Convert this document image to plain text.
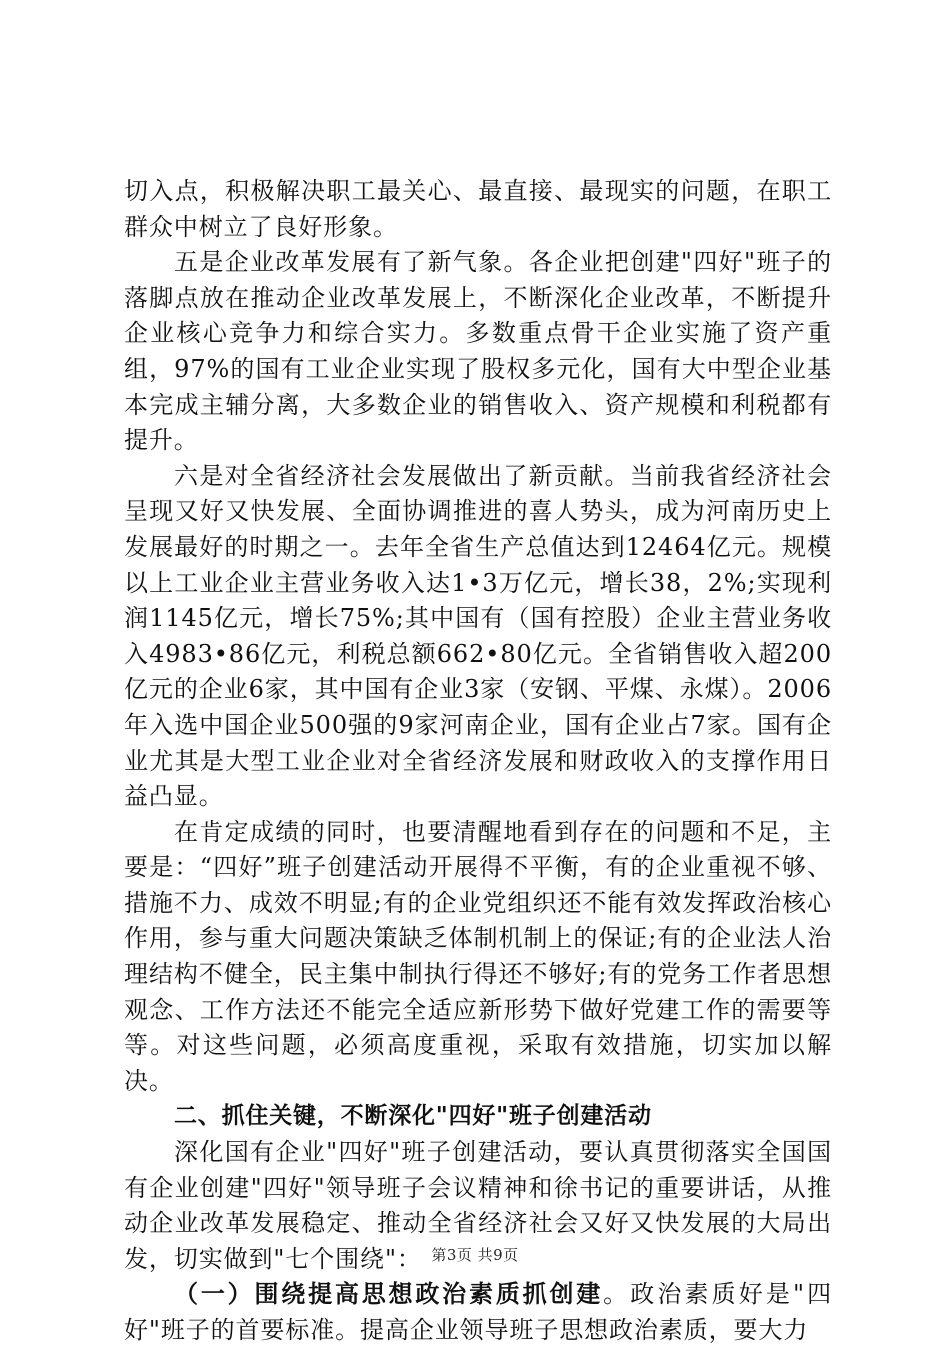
切入点，积极解决职工最关心、最直接、最现实的问题，在职工群众中树立了良好形象。

五是企业改革发展有了新气象。各企业把创建"四好"班子的落脚点放在推动企业改革发展上，不断深化企业改革，不断提升企业核心竞争力和综合实力。多数重点骨干企业实施了资产重组，97%的国有工业企业实现了股权多元化，国有大中型企业基本完成主辅分离，大多数企业的销售收入、资产规模和利税都有提升。

六是对全省经济社会发展做出了新贡献。当前我省经济社会呈现又好又快发展、全面协调推进的喜人势头，成为河南历史上发展最好的时期之一。去年全省生产总值达到12464亿元。规模以上工业企业主营业务收入达1•3万亿元，增长38，2%;实现利润1145亿元，增长75%;其中国有（国有控股）企业主营业务收入4983•86亿元，利税总额662•80亿元。全省销售收入超200亿元的企业6家，其中国有企业3家（安钢、平煤、永煤）。2006年入选中国企业500强的9家河南企业，国有企业占7家。国有企业尤其是大型工业企业对全省经济发展和财政收入的支撑作用日益凸显。

在肯定成绩的同时，也要清醒地看到存在的问题和不足，主要是：“四好”班子创建活动开展得不平衡，有的企业重视不够、措施不力、成效不明显;有的企业党组织还不能有效发挥政治核心作用，参与重大问题决策缺乏体制机制上的保证;有的企业法人治理结构不健全，民主集中制执行得还不够好;有的党务工作者思想观念、工作方法还不能完全适应新形势下做好党建工作的需要等等。对这些问题，必须高度重视，采取有效措施，切实加以解决。

二、抓住关键，不断深化"四好"班子创建活动

深化国有企业"四好"班子创建活动，要认真贯彻落实全国国有企业创建"四好"领导班子会议精神和徐书记的重要讲话，从推动企业改革发展稳定、推动全省经济社会又好又快发展的大局出发，切实做到"七个围绕"：

（一）围绕提高思想政治素质抓创建。政治素质好是"四好"班子的首要标准。提高企业领导班子思想政治素质，要大力

第3页 共9页
